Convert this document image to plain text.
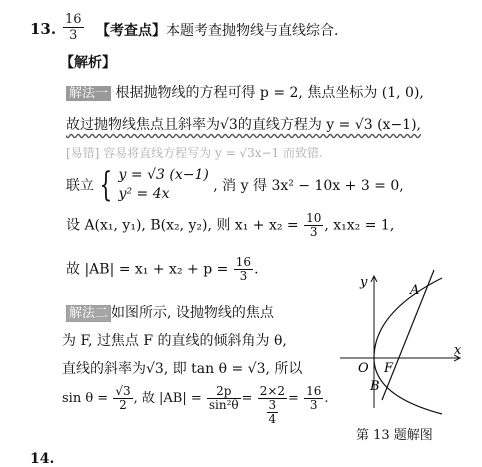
13. $\frac{16}{3}$ 【考查点】本题考查抛物线与直线综合.
【解析】
解法一 根据抛物线的方程可得 p = 2, 焦点坐标为 (1, 0),
故过抛物线焦点且斜率为√3的直线方程为 y = √3 (x−1),
[易错] 容易将直线方程写为 y = √3x−1 而致错.
联立 { y = √3 (x−1)
y² = 4x	, 消 y 得 3x² − 10x + 3 = 0,
设 A(x₁, y₁), B(x₂, y₂), 则 $x_1 + x_2 = \frac{10}{3}$ , x₁x₂ = 1,
故 $|AB| = x_1 + x_2 + p = \frac{16}{3}$ .
解法二 如图所示, 设抛物线的焦点
为 F, 过焦点 F 的直线的倾斜角为 θ,
直线的斜率为√3, 即 tan θ = √3, 所以
$\sin \theta = \frac{√3}{2}$ , 故 $|AB| = \frac{2p}{\text{sin²θ}} = \frac{2\times 2}{\frac{3}{4}} = \frac{16}{3}$ .
y
x
A
B
O F
第 13 题解图
14.
